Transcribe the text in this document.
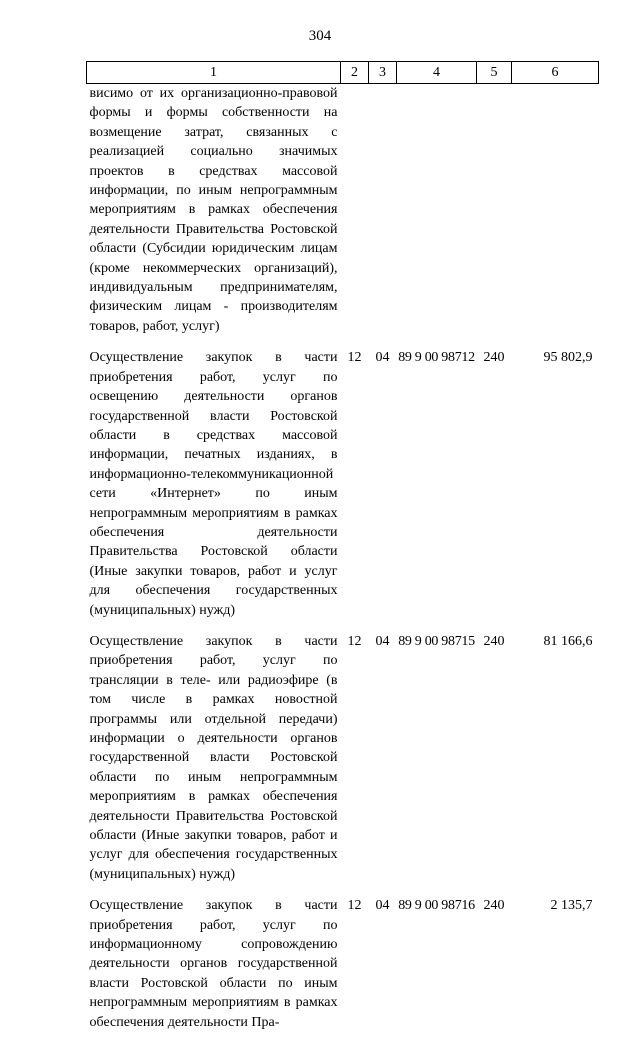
304
1	2	3	4	5	6
висимо от их организационно-правовой формы и формы собственности на возмещение затрат, связанных с реализацией социально значимых проектов в средствах массовой информации, по иным непрограммным мероприятиям в рамках обеспечения деятельности Правительства Ростовской области (Субсидии юридическим лицам (кроме некоммерческих организаций), индивидуальным предпринимателям, физическим лицам - производителям товаров, работ, услуг)					
Осуществление закупок в части приобретения работ, услуг по освещению деятельности органов государственной власти Ростовской области в средствах массовой информации, печатных изданиях, в информационно-телекоммуникационной сети «Интернет» по иным непрограммным мероприятиям в рамках обеспечения деятельности Правительства Ростовской области (Иные закупки товаров, работ и услуг для обеспечения государственных (муниципальных) нужд)	12	04	89 9 00 98712	240	95 802,9
Осуществление закупок в части приобретения работ, услуг по трансляции в теле- или радиоэфире (в том числе в рамках новостной программы или отдельной передачи) информации о деятельности органов государственной власти Ростовской области по иным непрограммным мероприятиям в рамках обеспечения деятельности Правительства Ростовской области (Иные закупки товаров, работ и услуг для обеспечения государственных (муниципальных) нужд)	12	04	89 9 00 98715	240	81 166,6
Осуществление закупок в части приобретения работ, услуг по информационному сопровождению деятельности органов государственной власти Ростовской области по иным непрограммным мероприятиям в рамках обеспечения деятельности Пра-	12	04	89 9 00 98716	240	2 135,7
